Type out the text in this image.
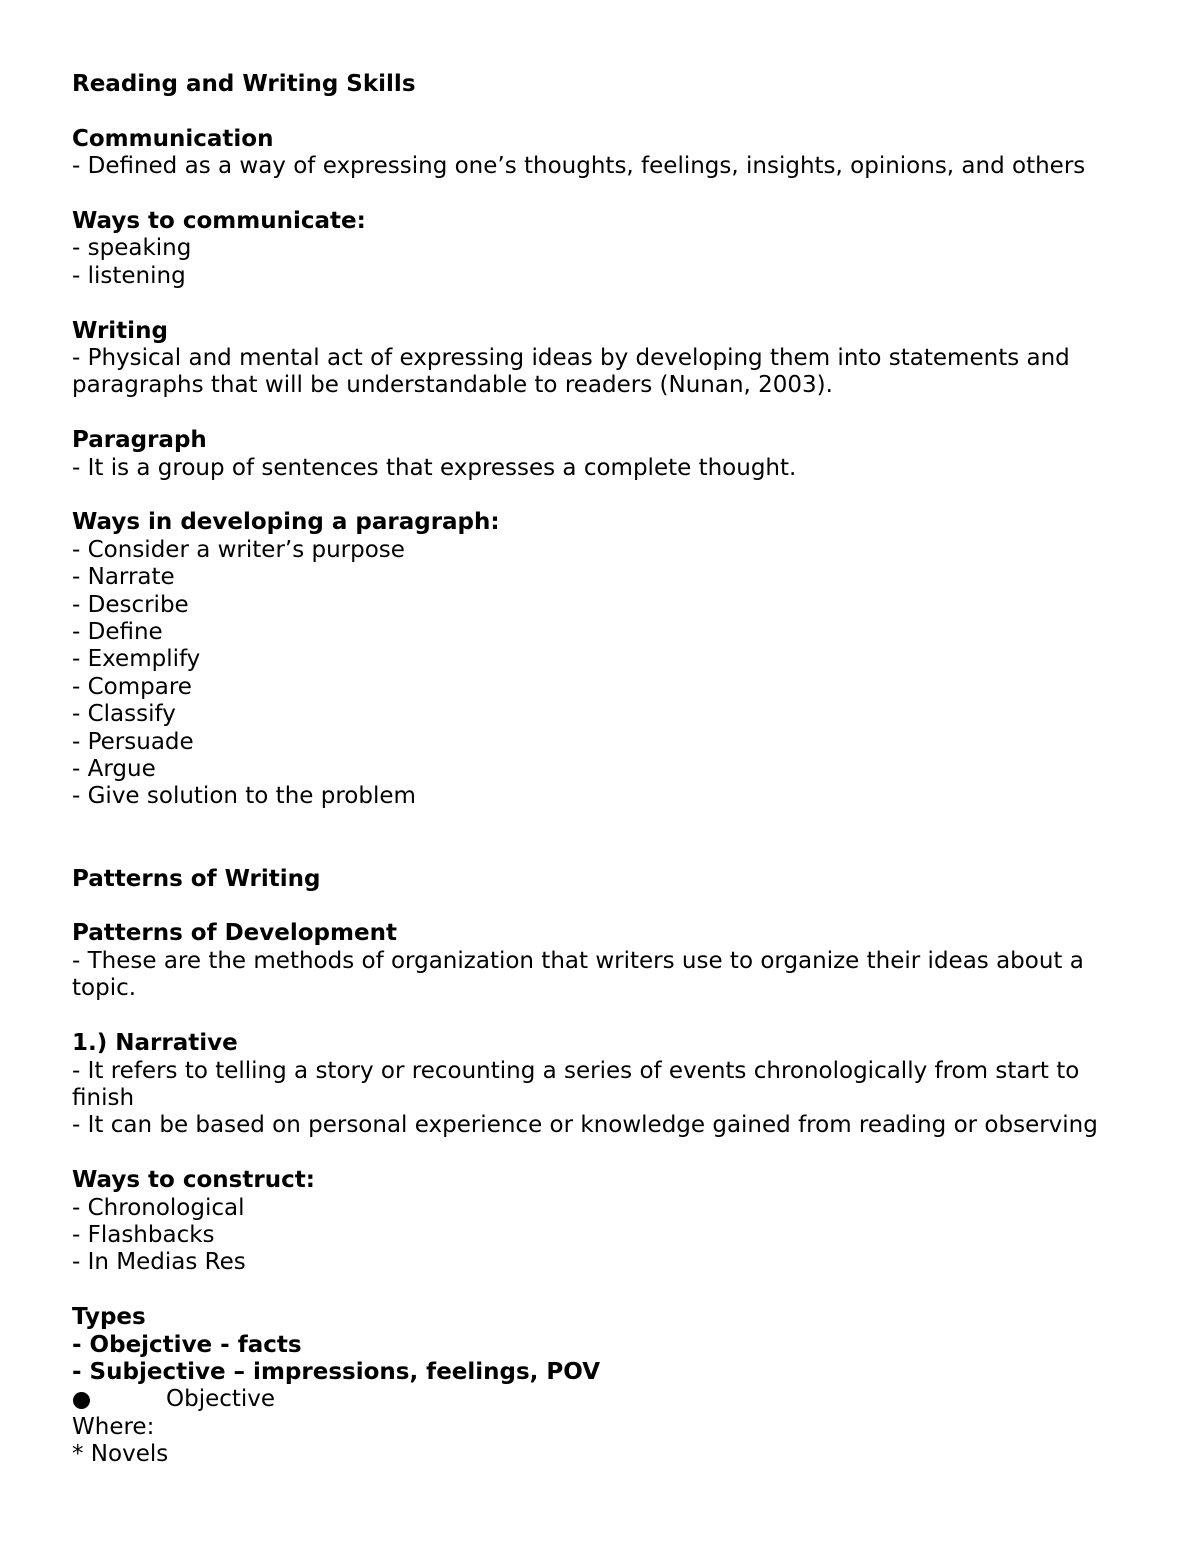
Reading and Writing Skills

Communication

- Defined as a way of expressing one’s thoughts, feelings, insights, opinions, and others

Ways to communicate:

- speaking

- listening

Writing

- Physical and mental act of expressing ideas by developing them into statements and paragraphs that will be understandable to readers (Nunan, 2003).

Paragraph

- It is a group of sentences that expresses a complete thought.

Ways in developing a paragraph:

- Consider a writer’s purpose

- Narrate

- Describe

- Define

- Exemplify

- Compare

- Classify

- Persuade

- Argue

- Give solution to the problem

Patterns of Writing

Patterns of Development

- These are the methods of organization that writers use to organize their ideas about a topic.

1.) Narrative

- It refers to telling a story or recounting a series of events chronologically from start to finish

- It can be based on personal experience or knowledge gained from reading or observing

Ways to construct:

- Chronological

- Flashbacks

- In Medias Res

Types

- Obejctive - facts

- Subjective – impressions, feelings, POV

Objective

Where:

* Novels
